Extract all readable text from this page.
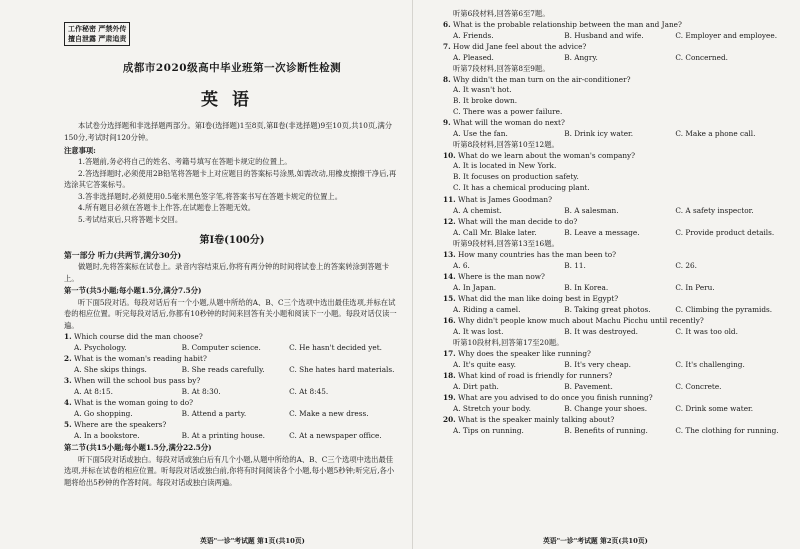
工作秘密 严禁外传
擅自泄露 严肃追责
成都市2020级高中毕业班第一次诊断性检测
英语
本试卷分选择题和非选择题两部分。第Ⅰ卷(选择题)1至8页,第Ⅱ卷(非选择题)9至10页,共10页,满分150分,考试时间120分钟。
注意事项:
1.答题前,务必将自己的姓名、考籍号填写在答题卡规定的位置上。
2.答选择题时,必须使用2B铅笔将答题卡上对应题目的答案标号涂黑,如需改动,用橡皮擦擦干净后,再选涂其它答案标号。
3.答非选择题时,必须使用0.5毫米黑色签字笔,将答案书写在答题卡规定的位置上。
4.所有题目必须在答题卡上作答,在试题卷上答题无效。
5.考试结束后,只将答题卡交回。
第Ⅰ卷(100分)
第一部分 听力(共两节,满分30分)
做题时,先将答案标在试卷上。录音内容结束后,你将有两分钟的时间将试卷上的答案转涂到答题卡上。
第一节(共5小题;每小题1.5分,满分7.5分)
听下面5段对话。每段对话后有一个小题,从题中所给的A、B、C三个选项中选出最佳选项,并标在试卷的相应位置。听完每段对话后,你都有10秒钟的时间来回答有关小题和阅读下一小题。每段对话仅读一遍。
1. Which course did the man choose?
A. Psychology.	B. Computer science.	C. He hasn't decided yet.
2. What is the woman's reading habit?
A. She skips things.	B. She reads carefully.	C. She hates hard materials.
3. When will the school bus pass by?
A. At 8:15.	B. At 8:30.	C. At 8:45.
4. What is the woman going to do?
A. Go shopping.	B. Attend a party.	C. Make a new dress.
5. Where are the speakers?
A. In a bookstore.	B. At a printing house.	C. At a newspaper office.
第二节(共15小题;每小题1.5分,满分22.5分)
听下面5段对话或独白。每段对话或独白后有几个小题,从题中所给的A、B、C三个选项中选出最佳选项,并标在试卷的相应位置。听每段对话或独白前,你将有时间阅读各个小题,每小题5秒钟;听完后,各小题将给出5秒钟的作答时间。每段对话或独白读两遍。
英语"一诊"考试题 第1页(共10页)
听第6段材料,回答第6至7题。
6. What is the probable relationship between the man and Jane?
A. Friends.	B. Husband and wife.	C. Employer and employee.
7. How did Jane feel about the advice?
A. Pleased.	B. Angry.	C. Concerned.
听第7段材料,回答第8至9题。
8. Why didn't the man turn on the air-conditioner?
A. It wasn't hot.
B. It broke down.
C. There was a power failure.
9. What will the woman do next?
A. Use the fan.	B. Drink icy water.	C. Make a phone call.
听第8段材料,回答第10至12题。
10. What do we learn about the woman's company?
A. It is located in New York.
B. It focuses on production safety.
C. It has a chemical producing plant.
11. What is James Goodman?
A. A chemist.	B. A salesman.	C. A safety inspector.
12. What will the man decide to do?
A. Call Mr. Blake later.	B. Leave a message.	C. Provide product details.
听第9段材料,回答第13至16题。
13. How many countries has the man been to?
A. 6.	B. 11.	C. 26.
14. Where is the man now?
A. In Japan.	B. In Korea.	C. In Peru.
15. What did the man like doing best in Egypt?
A. Riding a camel.	B. Taking great photos.	C. Climbing the pyramids.
16. Why didn't people know much about Machu Picchu until recently?
A. It was lost.	B. It was destroyed.	C. It was too old.
听第10段材料,回答第17至20题。
17. Why does the speaker like running?
A. It's quite easy.	B. It's very cheap.	C. It's challenging.
18. What kind of road is friendly for runners?
A. Dirt path.	B. Pavement.	C. Concrete.
19. What are you advised to do once you finish running?
A. Stretch your body.	B. Change your shoes.	C. Drink some water.
20. What is the speaker mainly talking about?
A. Tips on running.	B. Benefits of running.	C. The clothing for running.
英语"一诊"考试题 第2页(共10页)
